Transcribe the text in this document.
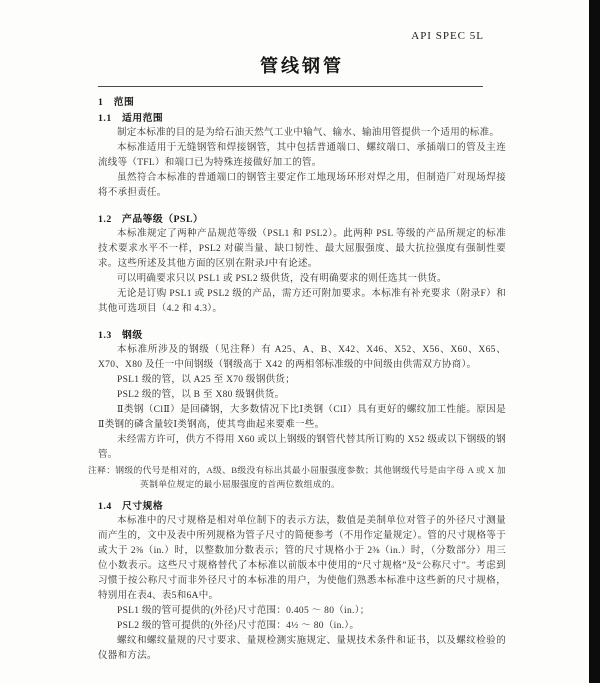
API SPEC 5L
管线钢管

1　范围

1.1　适用范围

制定本标准的目的是为给石油天然气工业中输气、输水、输油用管提供一个适用的标准。

本标准适用于无缝钢管和焊接钢管，其中包括普通端口、螺纹端口、承插端口的管及主连流线等（TFL）和端口已为特殊连接做好加工的管。

虽然符合本标准的普通端口的钢管主要定作工地现场环形对焊之用，但制造厂对现场焊接将不承担责任。

1.2　产品等级（PSL）

本标准规定了两种产品规范等级（PSL1 和 PSL2）。此两种 PSL 等级的产品所规定的标准技术要求水平不一样，PSL2 对碳当量、缺口韧性、最大屈服强度、最大抗拉强度有强制性要求。这些所述及其他方面的区别在附录J中有论述。

可以明确要求只以 PSL1 或 PSL2 级供货，没有明确要求的则任选其一供货。

无论是订购 PSL1 或 PSL2 级的产品，需方还可附加要求。本标准有补充要求（附录F）和其他可选项目（4.2 和 4.3）。

1.3　钢级

本标准所涉及的钢级（见注释）有 A25、A、B、X42、X46、X52、X56、X60、X65、X70、X80 及任一中间钢级（钢级高于 X42 的两相邻标准级的中间级由供需双方协商）。

PSL1 级的管，以 A25 至 X70 级钢供货；

PSL2 级的管，以 B 至 X80 级钢供货。

Ⅱ类钢（ClⅡ）是回磷钢，大多数情况下比Ⅰ类钢（ClⅠ）具有更好的螺纹加工性能。原因是Ⅱ类钢的磷含量较Ⅰ类钢高，使其弯曲起来要难一些。

未经需方许可，供方不得用 X60 或以上钢级的钢管代替其所订购的 X52 级或以下钢级的钢管。

注释：钢级的代号是相对的，A级、B级没有标出其最小屈服强度参数；其他钢级代号是由字母 A 或 X 加英制单位规定的最小屈服强度的首两位数组成的。

1.4　尺寸规格

本标准中的尺寸规格是相对单位制下的表示方法，数值是美制单位对管子的外径尺寸测量而产生的，文中及表中所列规格为管子尺寸的简便参考（不用作定量规定）。管的尺寸规格等于或大于 2⅜（in.）时，以整数加分数表示；管的尺寸规格小于 2⅜（in.）时，（分数部分）用三位小数表示。这些尺寸规格替代了本标准以前版本中使用的“尺寸规格”及“公称尺寸”。考虑到习惯于按公称尺寸而非外径尺寸的本标准的用户，为使他们熟悉本标准中这些新的尺寸规格，特别用在表4、表5和6A中。

PSL1 级的管可提供的(外径)尺寸范围：0.405 ～ 80（in.）；

PSL2 级的管可提供的(外径)尺寸范围：4½ ～ 80（in.）。

螺纹和螺纹量规的尺寸要求、量规检测实施规定、量规技术条件和证书，以及螺纹检验的仪器和方法。
